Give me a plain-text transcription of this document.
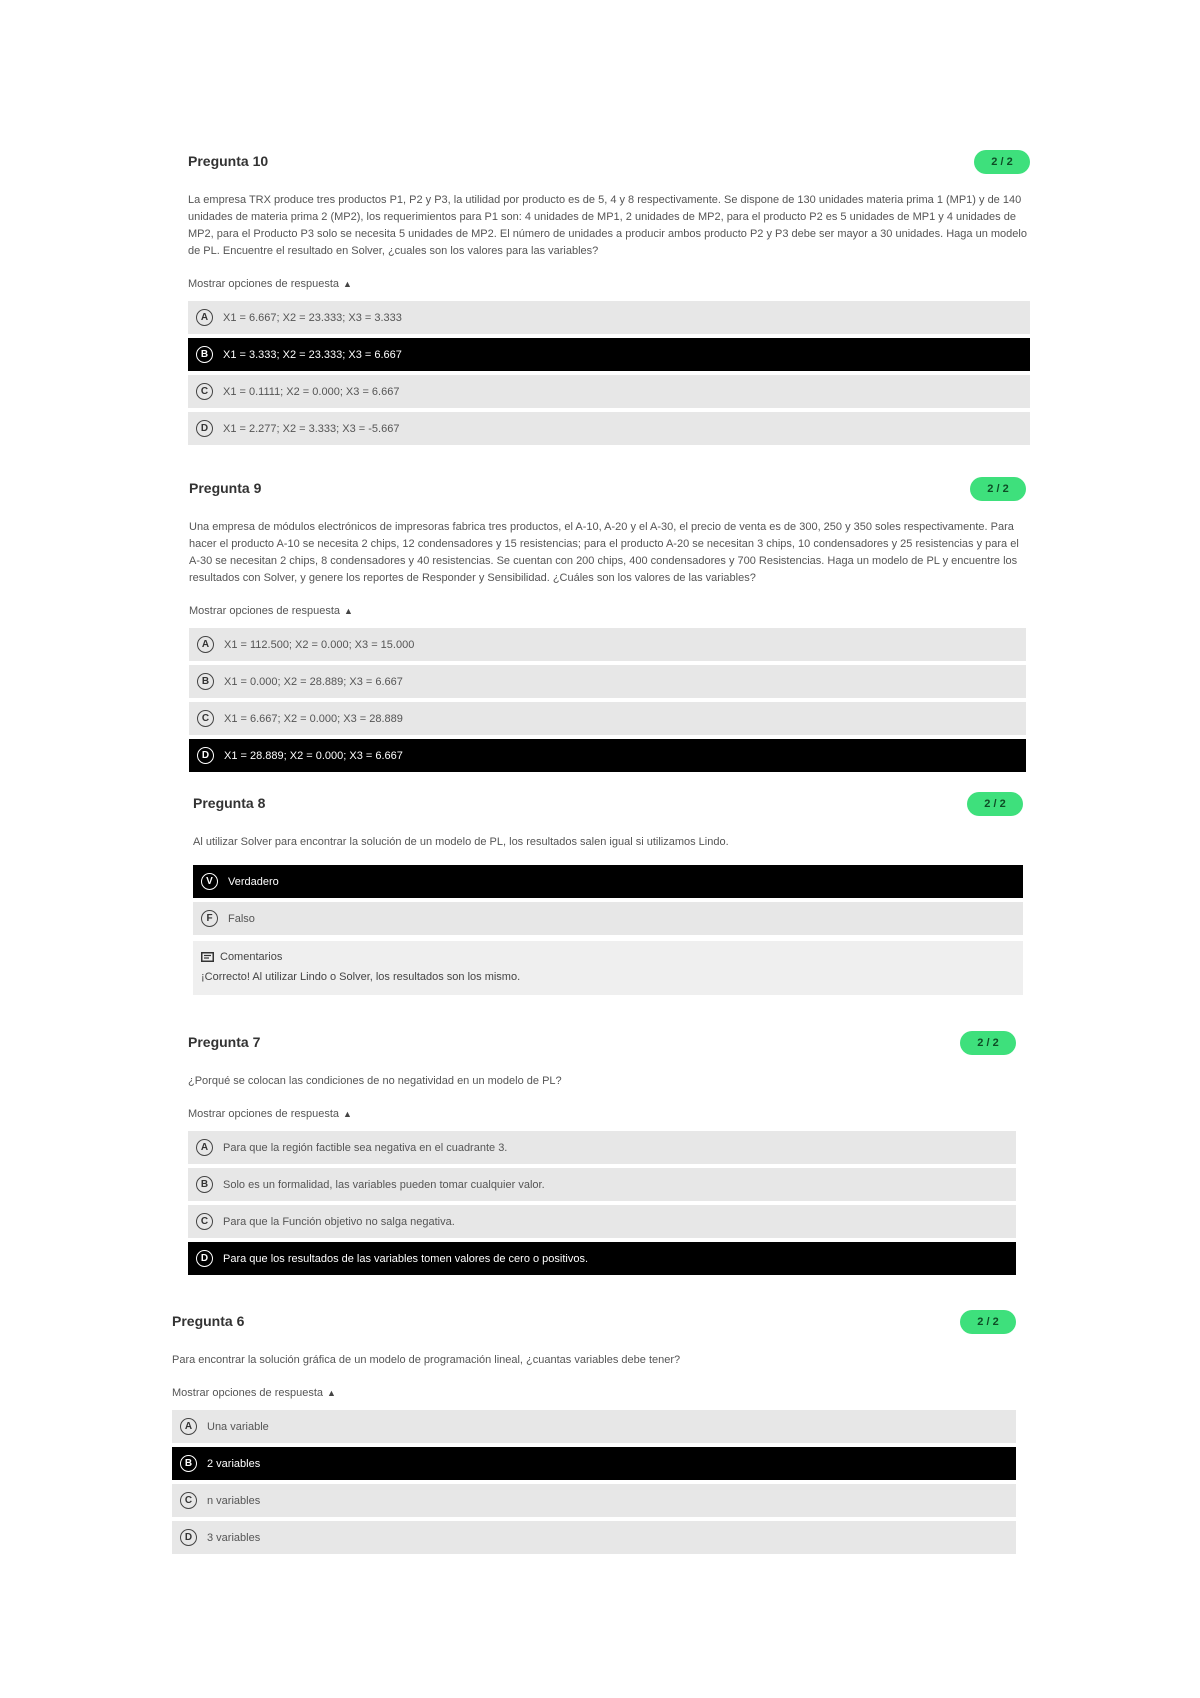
Pregunta 10	2 / 2
La empresa TRX produce tres productos P1, P2 y P3, la utilidad por producto es de 5, 4 y 8 respectivamente. Se dispone de 130 unidades materia prima 1 (MP1) y de 140 unidades de materia prima 2 (MP2), los requerimientos para P1 son: 4 unidades de MP1, 2 unidades de MP2, para el producto P2 es 5 unidades de MP1 y 4 unidades de MP2, para el Producto P3 solo se necesita 5 unidades de MP2. El número de unidades a producir ambos producto P2 y P3 debe ser mayor a 30 unidades. Haga un modelo de PL. Encuentre el resultado en Solver, ¿cuales son los valores para las variables?
Mostrar opciones de respuesta ▲
A	X1 = 6.667; X2 = 23.333; X3 = 3.333
B	X1 = 3.333; X2 = 23.333; X3 = 6.667
C	X1 = 0.1111; X2 = 0.000; X3 = 6.667
D	X1 = 2.277; X2 = 3.333; X3 = -5.667
Pregunta 9	2 / 2
Una empresa de módulos electrónicos de impresoras fabrica tres productos, el A-10, A-20 y el A-30, el precio de venta es de 300, 250 y 350 soles respectivamente. Para hacer el producto A-10 se necesita 2 chips, 12 condensadores y 15 resistencias; para el producto A-20 se necesitan 3 chips, 10 condensadores y 25 resistencias y para el A-30 se necesitan 2 chips, 8 condensadores y 40 resistencias. Se cuentan con 200 chips, 400 condensadores y 700 Resistencias. Haga un modelo de PL y encuentre los resultados con Solver, y genere los reportes de Responder y Sensibilidad. ¿Cuáles son los valores de las variables?
Mostrar opciones de respuesta ▲
A	X1 = 112.500; X2 = 0.000; X3 = 15.000
B	X1 = 0.000; X2 = 28.889; X3 = 6.667
C	X1 = 6.667; X2 = 0.000; X3 = 28.889
D	X1 = 28.889; X2 = 0.000; X3 = 6.667
Pregunta 8	2 / 2
Al utilizar Solver para encontrar la solución de un modelo de PL, los resultados salen igual si utilizamos Lindo.
V	Verdadero
F	Falso
Comentarios
¡Correcto! Al utilizar Lindo o Solver, los resultados son los mismo.
Pregunta 7	2 / 2
¿Porqué se colocan las condiciones de no negatividad en un modelo de PL?
Mostrar opciones de respuesta ▲
A	Para que la región factible sea negativa en el cuadrante 3.
B	Solo es un formalidad, las variables pueden tomar cualquier valor.
C	Para que la Función objetivo no salga negativa.
D	Para que los resultados de las variables tomen valores de cero o positivos.
Pregunta 6	2 / 2
Para encontrar la solución gráfica de un modelo de programación lineal, ¿cuantas variables debe tener?
Mostrar opciones de respuesta ▲
A	Una variable
B	2 variables
C	n variables
D	3 variables
